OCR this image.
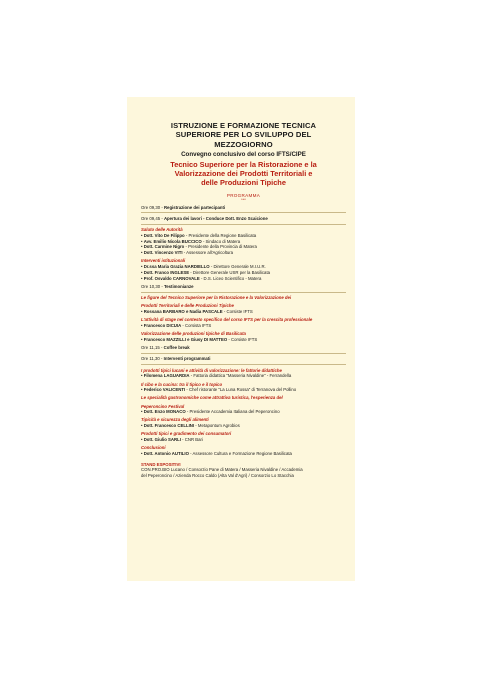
ISTRUZIONE E FORMAZIONE TECNICA
SUPERIORE PER LO SVILUPPO DEL
MEZZOGIORNO
Convegno conclusivo del corso IFTS/CIPE
Tecnico Superiore per la Ristorazione e la
Valorizzazione dei Prodotti Territoriali e
delle Produzioni Tipiche
PROGRAMMA
***
Ore 09,30 - Registrazione dei partecipanti
Ore 09,45 - Apertura dei lavori - Conduce Dott. Enzo Scaicione
Saluto delle Autorità
• Dott. Vito De Filippo - Presidente della Regione Basilicata
• Avv. Emilio Nicola BUCCICO - Sindaco di Matera
• Dott. Carmine Nigro - Presidente della Provincia di Matera
• Dott. Vincenzo VITI - Assessore all'Agricoltura
Interventi istituzionali
• Dr.ssa Maria Grazia NARDIELLO - Direttore Generale M.I.U.R.
• Dott. Franco INGLESE - Direttore Generale USR per la Basilicata
• Prof. Osvaldo CARNOVALE - D.S. Liceo Scientifico - Matera
Ore 10,30 - Testimonianze
Le figure del Tecnico Superiore per la Ristorazione e la Valorizzazione dei
Prodotti Territoriali e delle Produzioni Tipiche
• Rossana BARBARO e Nadia PASCALE - Corsiste IFTS
L'attività di stage nel contesto specifico del corso IFTS per la crescita professionale
• Francesco DICUIA - Corsista IFTS
Valorizzazione delle produzioni tipiche di Basilicata
• Francesco MAZZILLI e Giusy DI MATTEO - Corsiste IFTS
Ore 11,15 - Coffee break
Ore 11,30 - Interventi programmati
I prodotti tipici lucani e attività di valorizzazione: le fattorie didattiche
• Filomena LAGUARDIA - Fattoria didattica "Masseria Nivaldine" - Ferrandella
Il cibo e la cucina: tra il tipico e il topico
• Federico VALICENTI - Chef ristorante "La Luna Rossa" di Terranova del Pollino
Le specialità gastronomiche come attrattiva turistica, l'esperienza del
Peperoncino Festival
• Dott. Enzo MONACO - Presidente Accademia Italiana del Peperoncino
Tipicità e sicurezza degli alimenti
• Dott. Francesco CELLINI - Metapontum Agrobios
Prodotti tipici e gradimento dei consumatori
• Dott. Giulio SARLI - CNR Bari
Conclusioni
• Dott. Antonio AUTILIO - Assessore Cultura e Formazione Regione Basilicata
STAND ESPOSITIVI
CON.PRO.BIO Lucano / Consorzio Pane di Matera / Masseria Nivaldine / Accademia
del Peperoncino / Azienda Rocco Caldo (Alta Val d'Agri) / Consorzio Lo Stacchia
